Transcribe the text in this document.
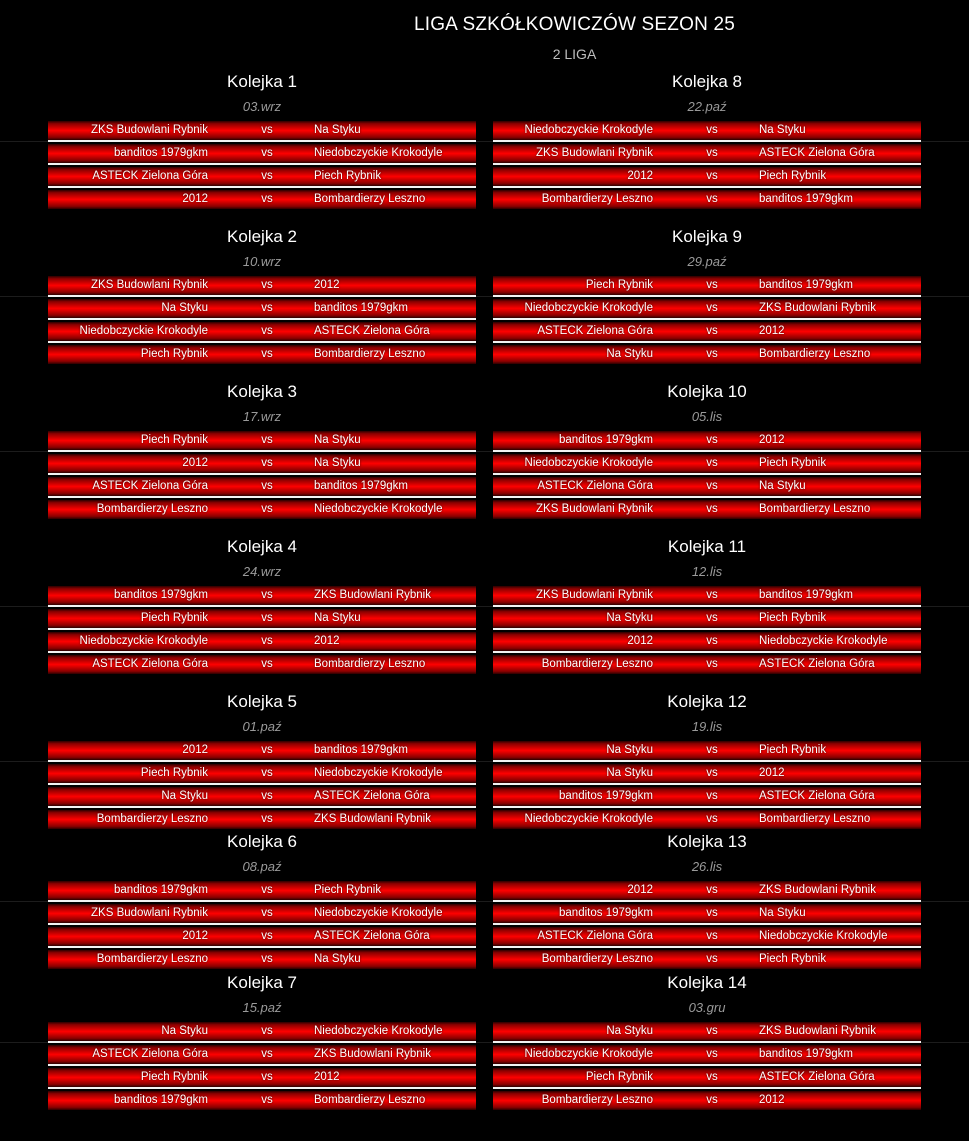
LIGA SZKÓŁKOWICZÓW SEZON 25
2 LIGA
Kolejka 1
03.wrz
ZKS Budowlani Rybnik	vs	Na Styku
banditos 1979gkm	vs	Niedobczyckie Krokodyle
ASTECK Zielona Góra	vs	Piech Rybnik
2012	vs	Bombardierzy Leszno
Kolejka 2
10.wrz
ZKS Budowlani Rybnik	vs	2012
Na Styku	vs	banditos 1979gkm
Niedobczyckie Krokodyle	vs	ASTECK Zielona Góra
Piech Rybnik	vs	Bombardierzy Leszno
Kolejka 3
17.wrz
Piech Rybnik	vs	Na Styku
2012	vs	Na Styku
ASTECK Zielona Góra	vs	banditos 1979gkm
Bombardierzy Leszno	vs	Niedobczyckie Krokodyle
Kolejka 4
24.wrz
banditos 1979gkm	vs	ZKS Budowlani Rybnik
Piech Rybnik	vs	Na Styku
Niedobczyckie Krokodyle	vs	2012
ASTECK Zielona Góra	vs	Bombardierzy Leszno
Kolejka 5
01.paź
2012	vs	banditos 1979gkm
Piech Rybnik	vs	Niedobczyckie Krokodyle
Na Styku	vs	ASTECK Zielona Góra
Bombardierzy Leszno	vs	ZKS Budowlani Rybnik
Kolejka 6
08.paź
banditos 1979gkm	vs	Piech Rybnik
ZKS Budowlani Rybnik	vs	Niedobczyckie Krokodyle
2012	vs	ASTECK Zielona Góra
Bombardierzy Leszno	vs	Na Styku
Kolejka 7
15.paź
Na Styku	vs	Niedobczyckie Krokodyle
ASTECK Zielona Góra	vs	ZKS Budowlani Rybnik
Piech Rybnik	vs	2012
banditos 1979gkm	vs	Bombardierzy Leszno
Kolejka 8
22.paź
Niedobczyckie Krokodyle	vs	Na Styku
ZKS Budowlani Rybnik	vs	ASTECK Zielona Góra
2012	vs	Piech Rybnik
Bombardierzy Leszno	vs	banditos 1979gkm
Kolejka 9
29.paź
Piech Rybnik	vs	banditos 1979gkm
Niedobczyckie Krokodyle	vs	ZKS Budowlani Rybnik
ASTECK Zielona Góra	vs	2012
Na Styku	vs	Bombardierzy Leszno
Kolejka 10
05.lis
banditos 1979gkm	vs	2012
Niedobczyckie Krokodyle	vs	Piech Rybnik
ASTECK Zielona Góra	vs	Na Styku
ZKS Budowlani Rybnik	vs	Bombardierzy Leszno
Kolejka 11
12.lis
ZKS Budowlani Rybnik	vs	banditos 1979gkm
Na Styku	vs	Piech Rybnik
2012	vs	Niedobczyckie Krokodyle
Bombardierzy Leszno	vs	ASTECK Zielona Góra
Kolejka 12
19.lis
Na Styku	vs	Piech Rybnik
Na Styku	vs	2012
banditos 1979gkm	vs	ASTECK Zielona Góra
Niedobczyckie Krokodyle	vs	Bombardierzy Leszno
Kolejka 13
26.lis
2012	vs	ZKS Budowlani Rybnik
banditos 1979gkm	vs	Na Styku
ASTECK Zielona Góra	vs	Niedobczyckie Krokodyle
Bombardierzy Leszno	vs	Piech Rybnik
Kolejka 14
03.gru
Na Styku	vs	ZKS Budowlani Rybnik
Niedobczyckie Krokodyle	vs	banditos 1979gkm
Piech Rybnik	vs	ASTECK Zielona Góra
Bombardierzy Leszno	vs	2012
